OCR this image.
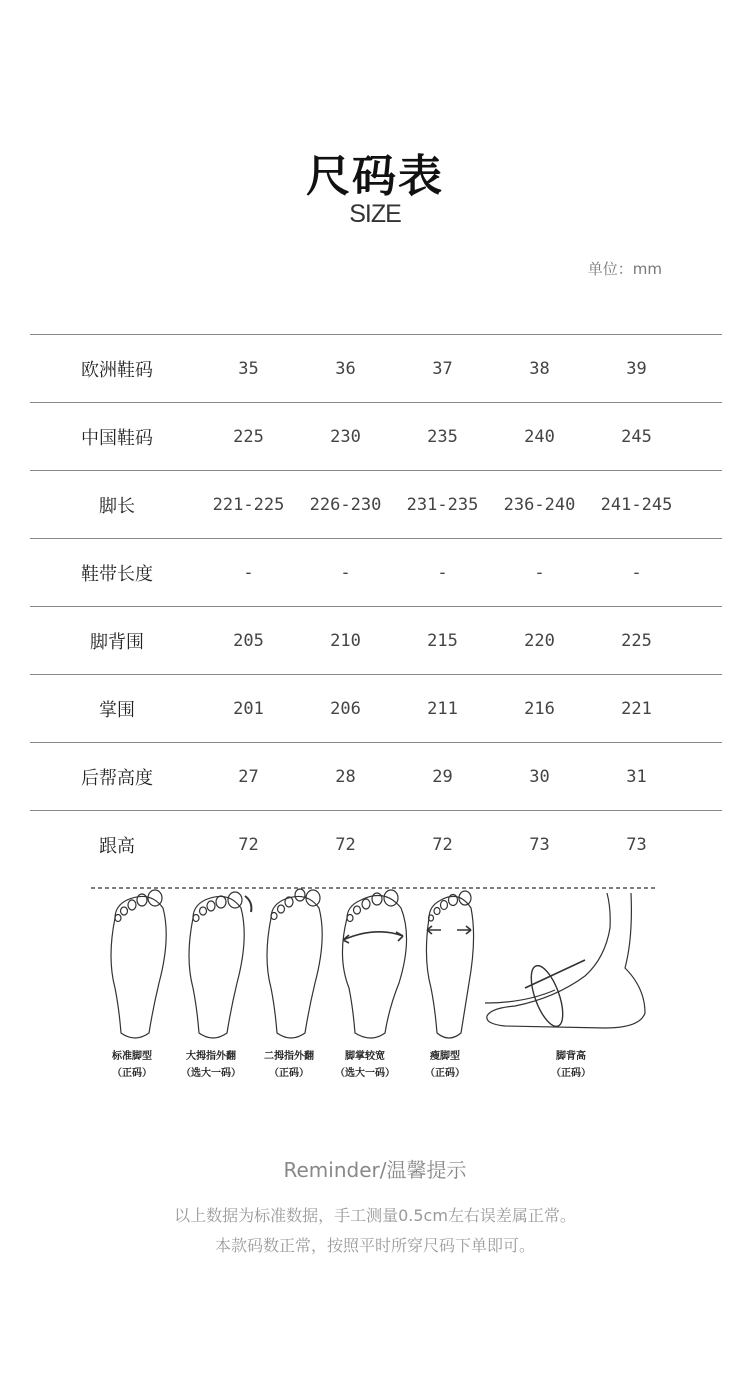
尺码表
SIZE
单位：mm
欧洲鞋码	35	36	37	38	39
中国鞋码	225	230	235	240	245
脚长	221-225	226-230	231-235	236-240	241-245
鞋带长度	-	-	-	-	-
脚背围	205	210	215	220	225
掌围	201	206	211	216	221
后帮高度	27	28	29	30	31
跟高	72	72	72	73	73
标准脚型
（正码）
大拇指外翻
（选大一码）
二拇指外翻
（正码）
脚掌较宽
（选大一码）
瘦脚型
（正码）
脚背高
（正码）
Reminder/温馨提示
以上数据为标准数据，手工测量0.5cm左右误差属正常。
本款码数正常，按照平时所穿尺码下单即可。
